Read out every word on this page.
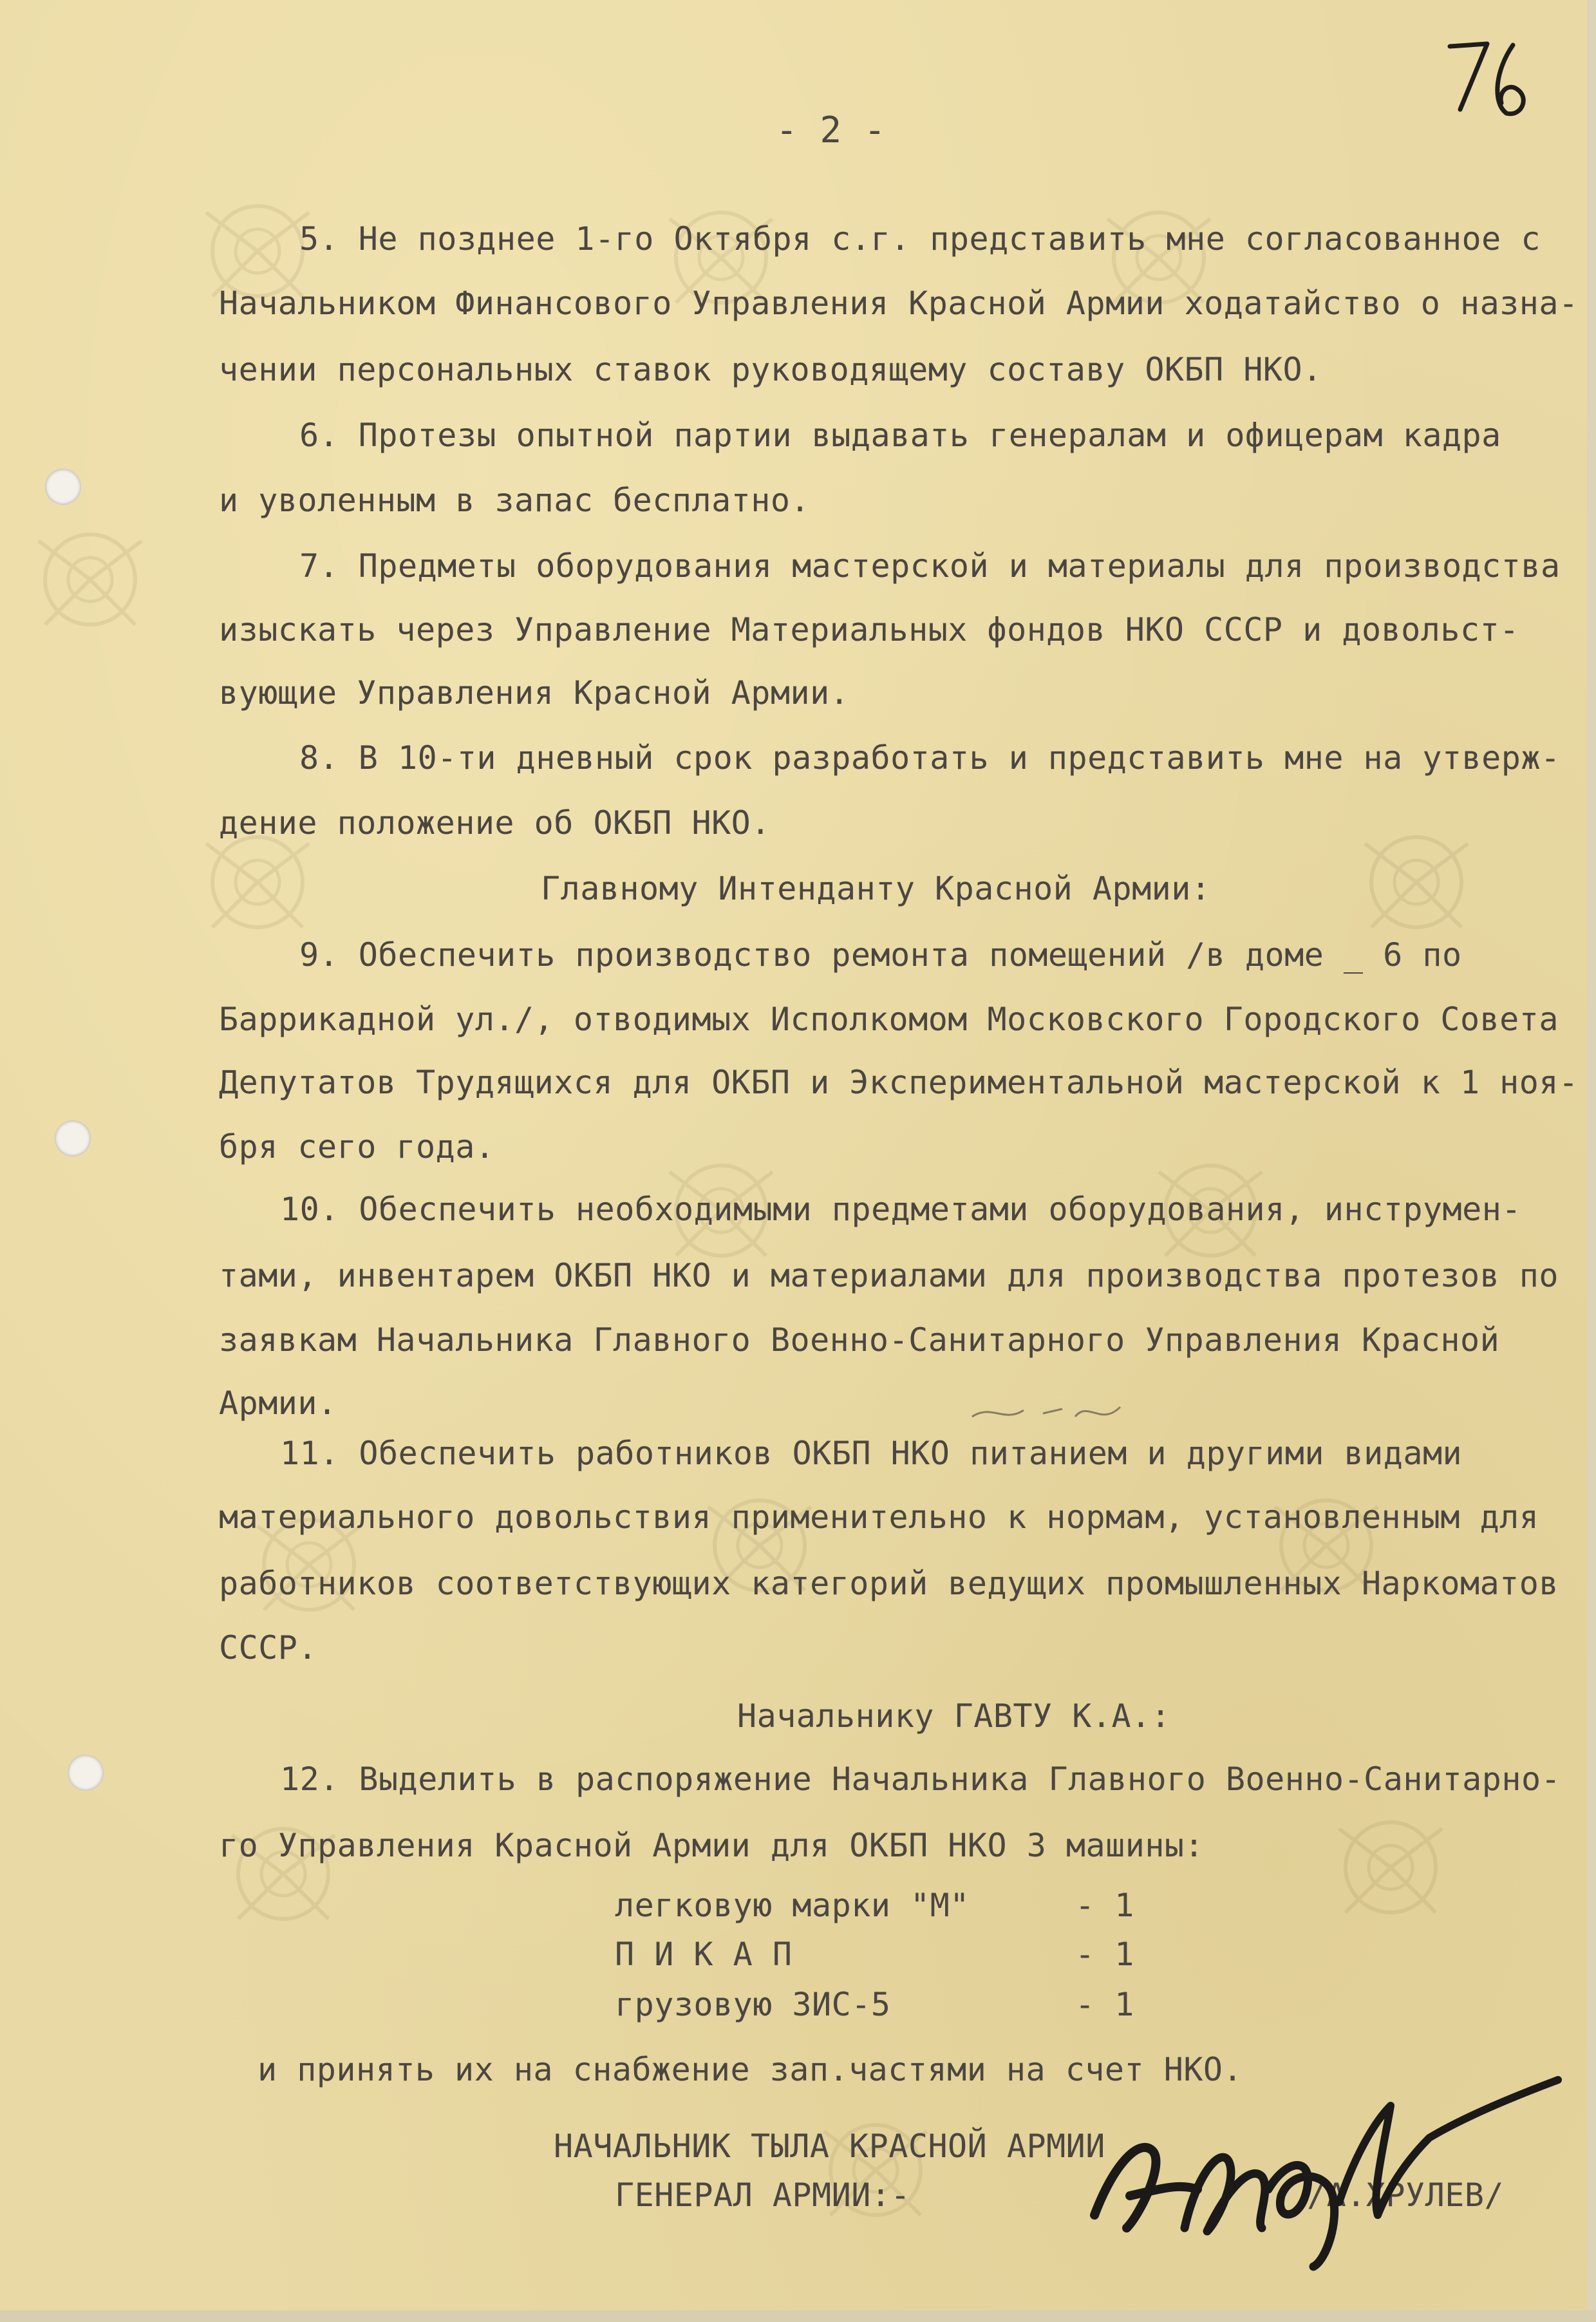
- 2 -
5. Не позднее 1-го Октября с.г. представить мне согласованное с
Начальником Финансового Управления Красной Армии ходатайство о назна-
чении персональных ставок руководящему составу ОКБП НКО.
6. Протезы опытной партии выдавать генералам и офицерам кадра
и уволенным в запас бесплатно.
7. Предметы оборудования мастерской и материалы для производства
изыскать через Управление Материальных фондов НКО СССР и довольст-
вующие Управления Красной Армии.
8. В 10-ти дневный срок разработать и представить мне на утверж-
дение положение об ОКБП НКО.
Главному Интенданту Красной Армии:
9. Обеспечить производство ремонта помещений /в доме _ 6 по
Баррикадной ул./, отводимых Исполкомом Московского Городского Совета
Депутатов Трудящихся для ОКБП и Экспериментальной мастерской к 1 ноя-
бря сего года.
10. Обеспечить необходимыми предметами оборудования, инструмен-
тами, инвентарем ОКБП НКО и материалами для производства протезов по
заявкам Начальника Главного Военно-Санитарного Управления Красной
Армии.
11. Обеспечить работников ОКБП НКО питанием и другими видами
материального довольствия применительно к нормам, установленным для
работников соответствующих категорий ведущих промышленных Наркоматов
СССР.
Начальнику ГАВТУ К.А.:
12. Выделить в распоряжение Начальника Главного Военно-Санитарно-
го Управления Красной Армии для ОКБП НКО 3 машины:
легковую марки "М"	- 1
П И К А П	- 1
грузовую ЗИС-5	- 1
и принять их на снабжение зап.частями на счет НКО.
НАЧАЛЬНИК ТЫЛА КРАСНОЙ АРМИИ
ГЕНЕРАЛ АРМИИ:-	/А.ХРУЛЕВ/
